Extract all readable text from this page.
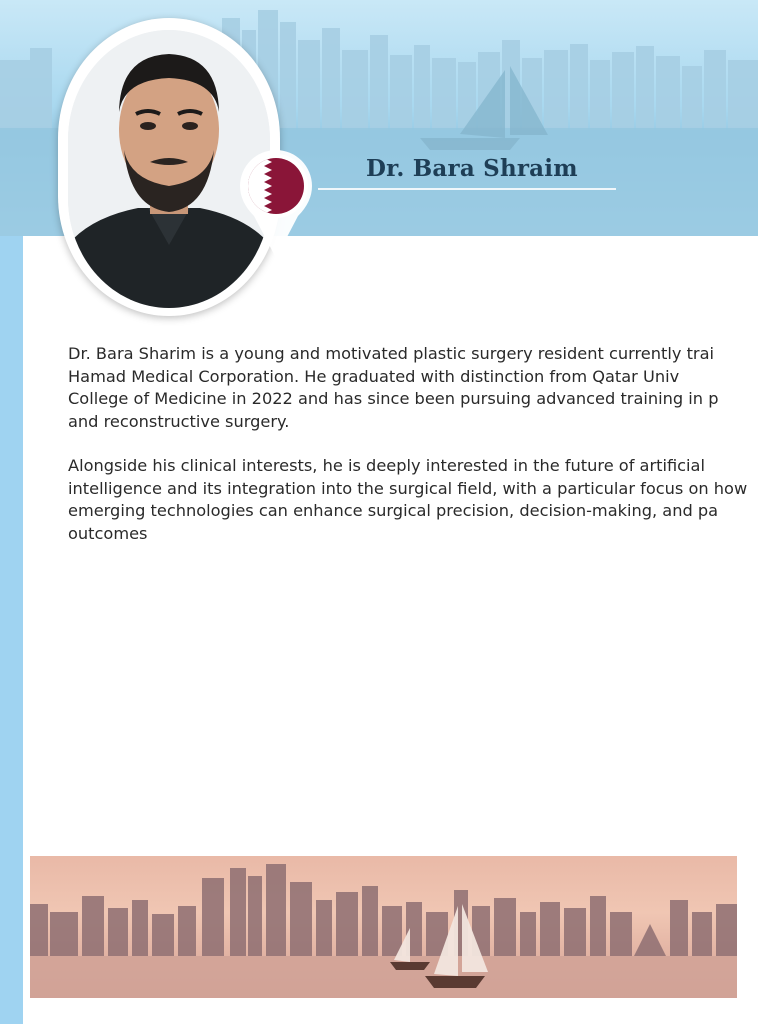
Dr. Bara Shraim
Dr. Bara Sharim is a young and motivated plastic surgery resident currently trai
Hamad Medical Corporation. He graduated with distinction from Qatar Univ
College of Medicine in 2022 and has since been pursuing advanced training in p
and reconstructive surgery.
Alongside his clinical interests, he is deeply interested in the future of artificial
intelligence and its integration into the surgical field, with a particular focus on how
emerging technologies can enhance surgical precision, decision-making, and pa
outcomes
